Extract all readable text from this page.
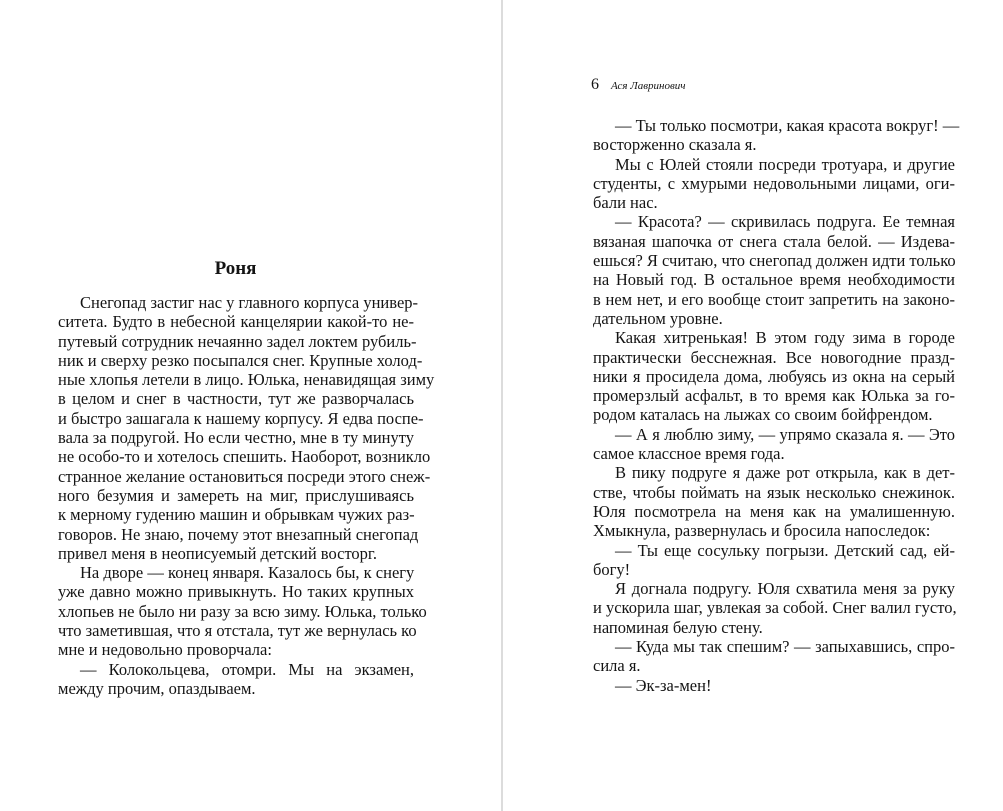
Роня
Снегопад застиг нас у главного корпуса универ-
ситета. Будто в небесной канцелярии какой-то не-
путевый сотрудник нечаянно задел локтем рубиль-
ник и сверху резко посыпался снег. Крупные холод-
ные хлопья летели в лицо. Юлька, ненавидящая зиму
в целом и снег в частности, тут же разворчалась
и быстро зашагала к нашему корпусу. Я едва поспе-
вала за подругой. Но если честно, мне в ту минуту
не особо-то и хотелось спешить. Наоборот, возникло
странное желание остановиться посреди этого снеж-
ного безумия и замереть на миг, прислушиваясь
к мерному гудению машин и обрывкам чужих раз-
говоров. Не знаю, почему этот внезапный снегопад
привел меня в неописуемый детский восторг.
На дворе — конец января. Казалось бы, к снегу
уже давно можно привыкнуть. Но таких крупных
хлопьев не было ни разу за всю зиму. Юлька, только
что заметившая, что я отстала, тут же вернулась ко
мне и недовольно проворчала:
— Колокольцева, отомри. Мы на экзамен,
между прочим, опаздываем.
6 Ася Лавринович
— Ты только посмотри, какая красота вокруг! —
восторженно сказала я.
Мы с Юлей стояли посреди тротуара, и другие
студенты, с хмурыми недовольными лицами, оги-
бали нас.
— Красота? — скривилась подруга. Ее темная
вязаная шапочка от снега стала белой. — Издева-
ешься? Я считаю, что снегопад должен идти только
на Новый год. В остальное время необходимости
в нем нет, и его вообще стоит запретить на законо-
дательном уровне.
Какая хитренькая! В этом году зима в городе
практически бесснежная. Все новогодние празд-
ники я просидела дома, любуясь из окна на серый
промерзлый асфальт, в то время как Юлька за го-
родом каталась на лыжах со своим бойфрендом.
— А я люблю зиму, — упрямо сказала я. — Это
самое классное время года.
В пику подруге я даже рот открыла, как в дет-
стве, чтобы поймать на язык несколько снежинок.
Юля посмотрела на меня как на умалишенную.
Хмыкнула, развернулась и бросила напоследок:
— Ты еще сосульку погрызи. Детский сад, ей-
богу!
Я догнала подругу. Юля схватила меня за руку
и ускорила шаг, увлекая за собой. Снег валил густо,
напоминая белую стену.
— Куда мы так спешим? — запыхавшись, спро-
сила я.
— Эк-за-мен!
